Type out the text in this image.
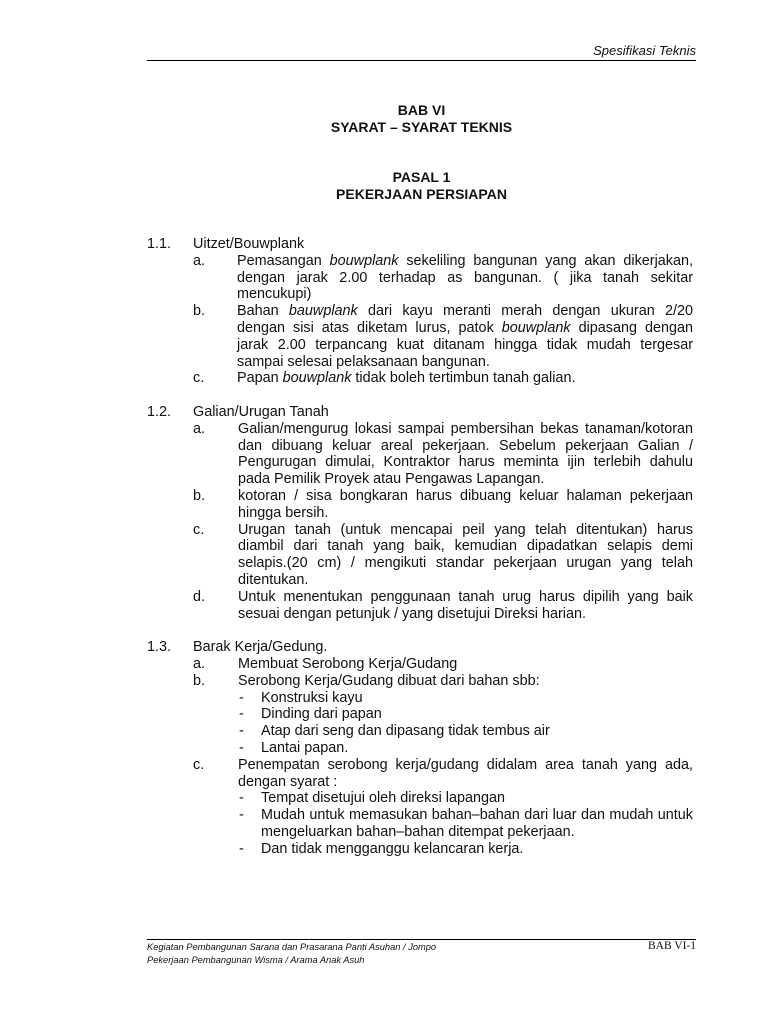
Spesifikasi Teknis
BAB VI
SYARAT – SYARAT TEKNIS
PASAL 1
PEKERJAAN PERSIAPAN
1.1. Uitzet/Bouwplank
a. Pemasangan bouwplank sekeliling bangunan yang akan dikerjakan, dengan jarak 2.00 terhadap as bangunan. ( jika tanah sekitar mencukupi)
b. Bahan bauwplank dari kayu meranti merah dengan ukuran 2/20 dengan sisi atas diketam lurus, patok bouwplank dipasang dengan jarak 2.00 terpancang kuat ditanam hingga tidak mudah tergesar sampai selesai pelaksanaan bangunan.
c. Papan bouwplank tidak boleh tertimbun tanah galian.
1.2. Galian/Urugan Tanah
a. Galian/mengurug lokasi sampai pembersihan bekas tanaman/kotoran dan dibuang keluar areal pekerjaan. Sebelum pekerjaan Galian / Pengurugan dimulai, Kontraktor harus meminta ijin terlebih dahulu pada Pemilik Proyek atau Pengawas Lapangan.
b. kotoran / sisa bongkaran harus dibuang keluar halaman pekerjaan hingga bersih.
c. Urugan tanah (untuk mencapai peil yang telah ditentukan) harus diambil dari tanah yang baik, kemudian dipadatkan selapis demi selapis.(20 cm) / mengikuti standar pekerjaan urugan yang telah ditentukan.
d. Untuk menentukan penggunaan tanah urug harus dipilih yang baik sesuai dengan petunjuk / yang disetujui Direksi harian.
1.3. Barak Kerja/Gedung.
a. Membuat Serobong Kerja/Gudang
b. Serobong Kerja/Gudang dibuat dari bahan sbb:
- Konstruksi kayu
- Dinding dari papan
- Atap dari seng dan dipasang tidak tembus air
- Lantai papan.
c. Penempatan serobong kerja/gudang didalam area tanah yang ada, dengan syarat :
- Tempat disetujui oleh direksi lapangan
- Mudah untuk memasukan bahan–bahan dari luar dan mudah untuk mengeluarkan bahan–bahan ditempat pekerjaan.
- Dan tidak mengganggu kelancaran kerja.
Kegiatan Pembangunan Sarana dan Prasarana Panti Asuhan / Jompo
Pekerjaan Pembangunan Wisma / Arama Anak Asuh
BAB VI-1
